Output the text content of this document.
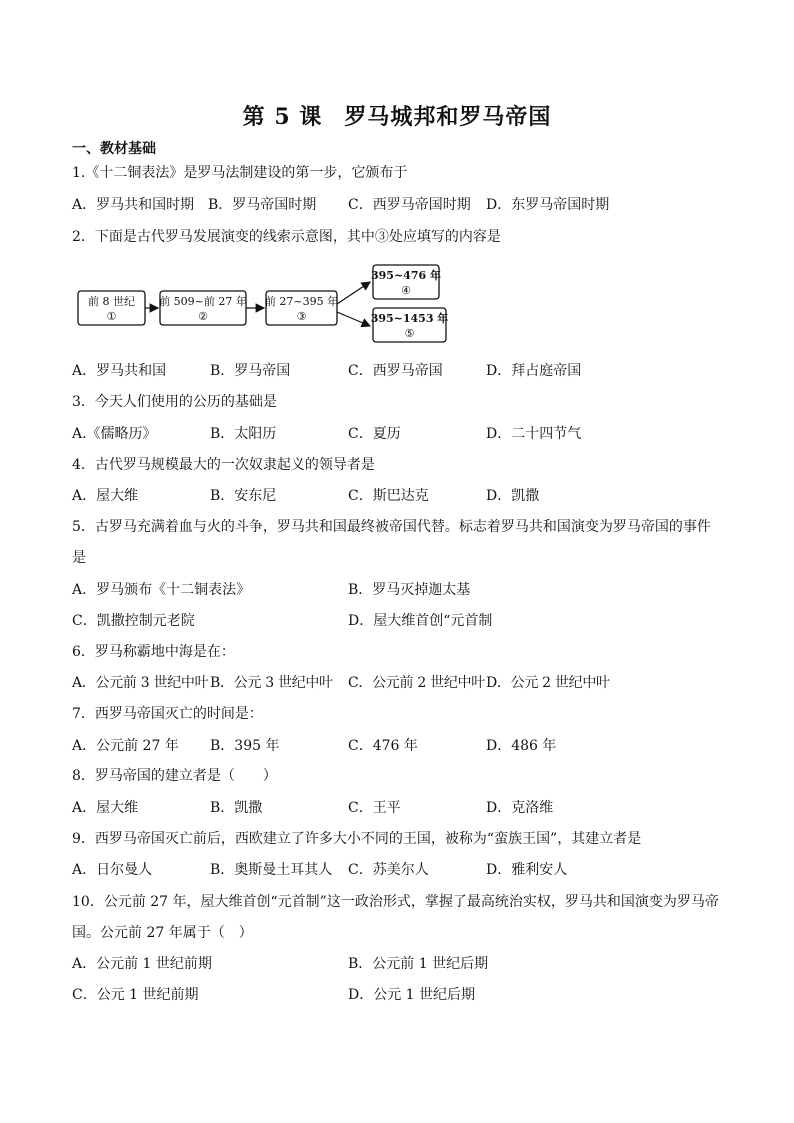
第 5 课 罗马城邦和罗马帝国
一、教材基础
1.《十二铜表法》是罗马法制建设的第一步，它颁布于
A．罗马共和国时期 B．罗马帝国时期 C．西罗马帝国时期 D．东罗马帝国时期
2．下面是古代罗马发展演变的线索示意图，其中③处应填写的内容是
前 8 世纪
①
前 509~前 27 年
②
前 27~395 年
③
395~476 年
④
395~1453 年
⑤
A．罗马共和国	B．罗马帝国	C．西罗马帝国	D．拜占庭帝国
3．今天人们使用的公历的基础是
A.《儒略历》	B．太阳历	C．夏历	D．二十四节气
4．古代罗马规模最大的一次奴隶起义的领导者是
A．屋大维	B．安东尼	C．斯巴达克	D．凯撒
5．古罗马充满着血与火的斗争，罗马共和国最终被帝国代替。标志着罗马共和国演变为罗马帝国的事件
是
A．罗马颁布《十二铜表法》	B．罗马灭掉迦太基
C．凯撒控制元老院	D．屋大维首创“元首制
6．罗马称霸地中海是在：
A．公元前 3 世纪中叶 B．公元 3 世纪中叶 C．公元前 2 世纪中叶 D．公元 2 世纪中叶
7．西罗马帝国灭亡的时间是：
A．公元前 27 年 B．395 年	C．476 年	D．486 年
8．罗马帝国的建立者是（　　）
A．屋大维	B．凯撒	C．王平	D．克洛维
9．西罗马帝国灭亡前后，西欧建立了许多大小不同的王国，被称为“蛮族王国”，其建立者是
A．日尔曼人	B．奥斯曼土耳其人 C．苏美尔人	D．雅利安人
10．公元前 27 年，屋大维首创“元首制”这一政治形式，掌握了最高统治实权，罗马共和国演变为罗马帝
国。公元前 27 年属于（　）
A．公元前 1 世纪前期	B．公元前 1 世纪后期
C．公元 1 世纪前期	D．公元 1 世纪后期
